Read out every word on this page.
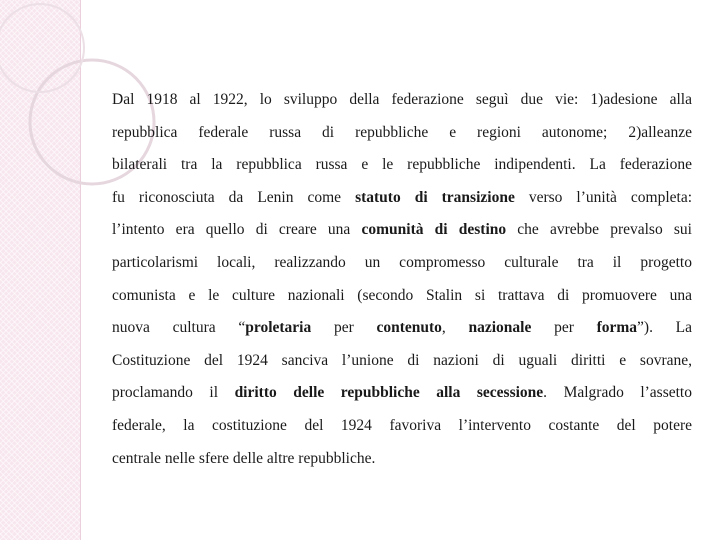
Dal 1918 al 1922, lo sviluppo della federazione seguì due vie: 1)adesione alla
repubblica federale russa di repubbliche e regioni autonome; 2)alleanze
bilaterali tra la repubblica russa e le repubbliche indipendenti. La federazione
fu riconosciuta da Lenin come statuto di transizione verso l’unità completa:
l’intento era quello di creare una comunità di destino che avrebbe prevalso sui
particolarismi locali, realizzando un compromesso culturale tra il progetto
comunista e le culture nazionali (secondo Stalin si trattava di promuovere una
nuova cultura “proletaria per contenuto, nazionale per forma”). La
Costituzione del 1924 sanciva l’unione di nazioni di uguali diritti e sovrane,
proclamando il diritto delle repubbliche alla secessione. Malgrado l’assetto
federale, la costituzione del 1924 favoriva l’intervento costante del potere
centrale nelle sfere delle altre repubbliche.
